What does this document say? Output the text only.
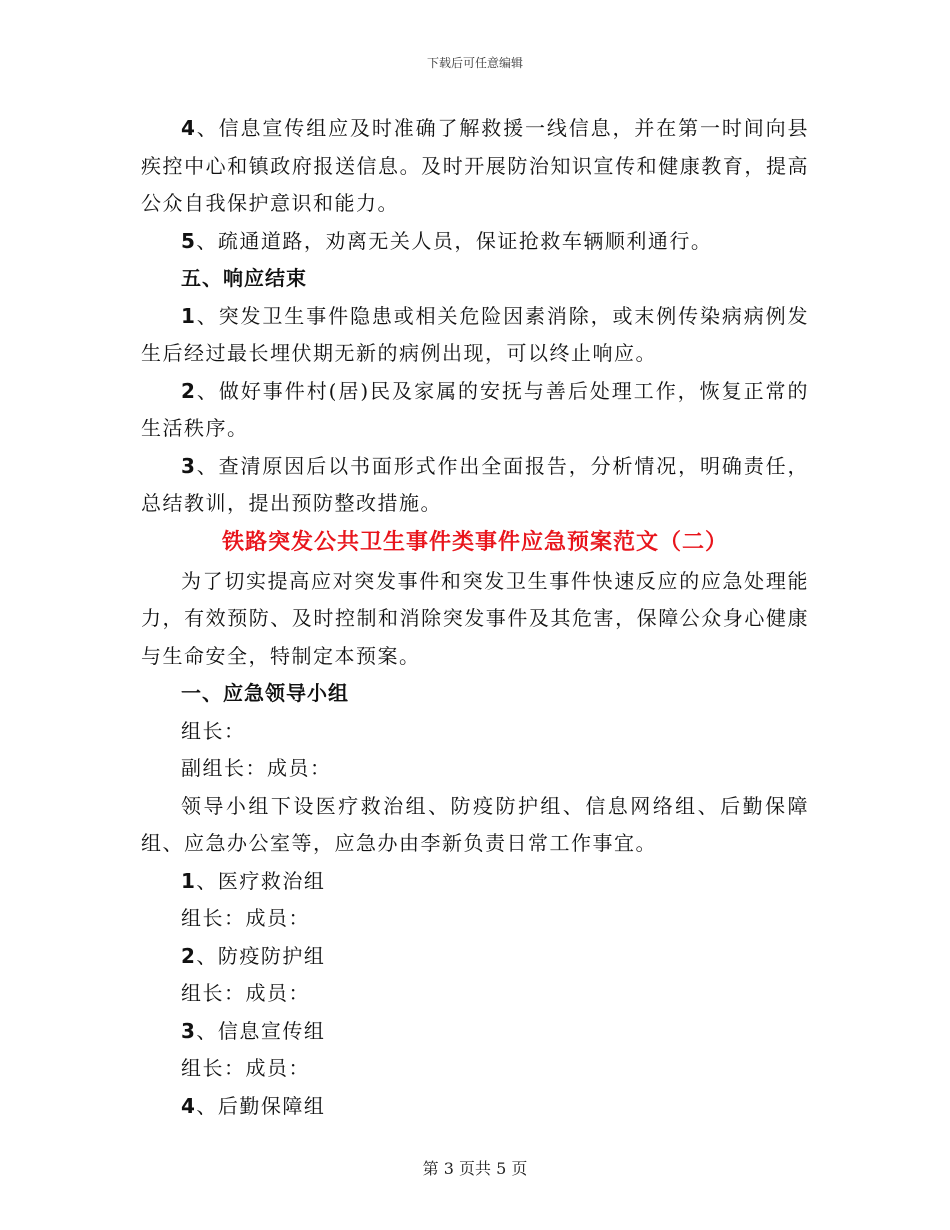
下载后可任意编辑

4、信息宣传组应及时准确了解救援一线信息，并在第一时间向县疾控中心和镇政府报送信息。及时开展防治知识宣传和健康教育，提高公众自我保护意识和能力。

5、疏通道路，劝离无关人员，保证抢救车辆顺利通行。

五、响应结束

1、突发卫生事件隐患或相关危险因素消除，或末例传染病病例发生后经过最长埋伏期无新的病例出现，可以终止响应。

2、做好事件村(居)民及家属的安抚与善后处理工作，恢复正常的生活秩序。

3、查清原因后以书面形式作出全面报告，分析情况，明确责任，总结教训，提出预防整改措施。

铁路突发公共卫生事件类事件应急预案范文（二）

为了切实提高应对突发事件和突发卫生事件快速反应的应急处理能力，有效预防、及时控制和消除突发事件及其危害，保障公众身心健康与生命安全，特制定本预案。

一、应急领导小组

组长：

副组长：成员：

领导小组下设医疗救治组、防疫防护组、信息网络组、后勤保障组、应急办公室等，应急办由李新负责日常工作事宜。

1、医疗救治组

组长：成员：

2、防疫防护组

组长：成员：

3、信息宣传组

组长：成员：

4、后勤保障组

第 3 页共 5 页
